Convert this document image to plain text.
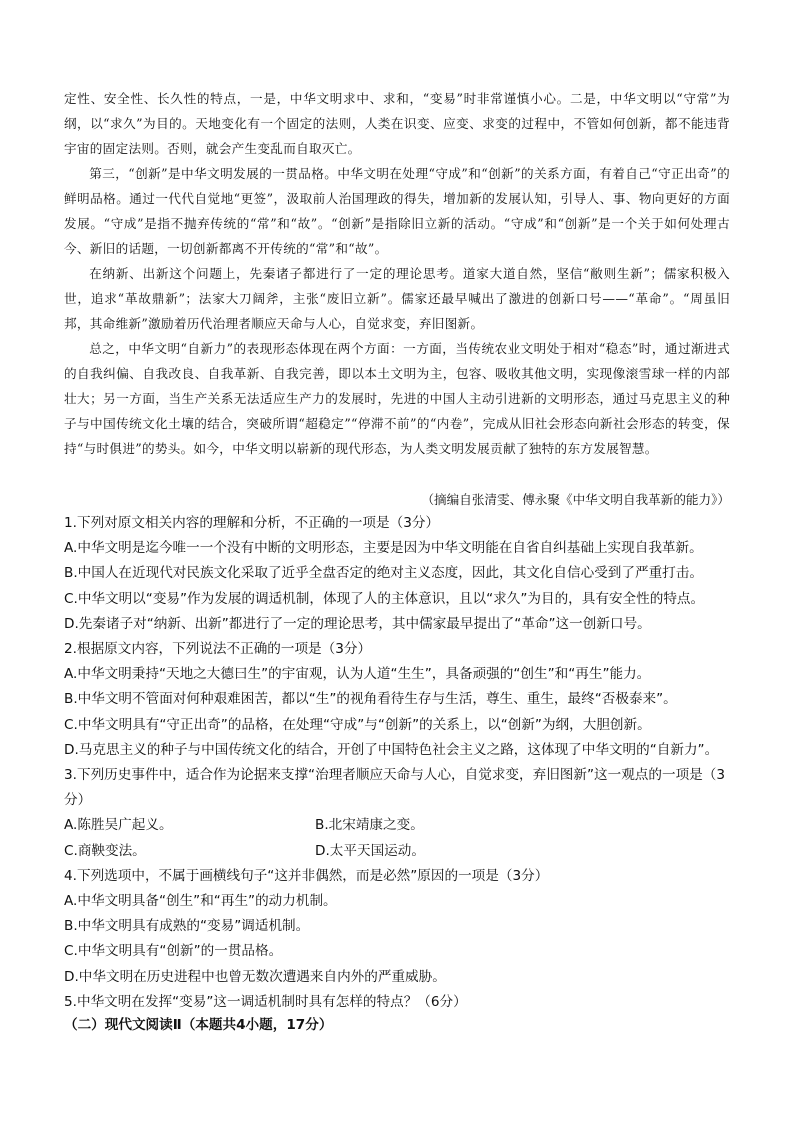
定性、安全性、长久性的特点，一是，中华文明求中、求和，“变易”时非常谨慎小心。二是，中华文明以“守常”为纲，以“求久”为目的。天地变化有一个固定的法则，人类在识变、应变、求变的过程中，不管如何创新，都不能违背宇宙的固定法则。否则，就会产生变乱而自取灭亡。

第三，“创新”是中华文明发展的一贯品格。中华文明在处理“守成”和“创新”的关系方面，有着自己“守正出奇”的鲜明品格。通过一代代自觉地“更签”，汲取前人治国理政的得失，增加新的发展认知，引导人、事、物向更好的方面发展。“守成”是指不抛弃传统的“常”和“故”。“创新”是指除旧立新的活动。“守成”和“创新”是一个关于如何处理古今、新旧的话题，一切创新都离不开传统的“常”和“故”。

在纳新、出新这个问题上，先秦诸子都进行了一定的理论思考。道家大道自然，坚信“敝则生新”；儒家积极入世，追求“革故鼎新”；法家大刀阔斧，主张“废旧立新”。儒家还最早喊出了激进的创新口号——“革命”。“周虽旧邦，其命维新”激励着历代治理者顺应天命与人心，自觉求变，弃旧图新。

总之，中华文明“自新力”的表现形态体现在两个方面：一方面，当传统农业文明处于相对“稳态”时，通过渐进式的自我纠偏、自我改良、自我革新、自我完善，即以本土文明为主，包容、吸收其他文明，实现像滚雪球一样的内部壮大；另一方面，当生产关系无法适应生产力的发展时，先进的中国人主动引进新的文明形态，通过马克思主义的种子与中国传统文化土壤的结合，突破所谓“超稳定”“停滞不前”的“内卷”，完成从旧社会形态向新社会形态的转变，保持“与时俱进”的势头。如今，中华文明以崭新的现代形态，为人类文明发展贡献了独特的东方发展智慧。

（摘编自张清雯、傅永聚《中华文明自我革新的能力》）
1.下列对原文相关内容的理解和分析，不正确的一项是（3分）
A.中华文明是迄今唯一一个没有中断的文明形态，主要是因为中华文明能在自省自纠基础上实现自我革新。
B.中国人在近现代对民族文化采取了近乎全盘否定的绝对主义态度，因此，其文化自信心受到了严重打击。
C.中华文明以“变易”作为发展的调适机制，体现了人的主体意识，且以“求久”为目的，具有安全性的特点。
D.先秦诸子对“纳新、出新”都进行了一定的理论思考，其中儒家最早提出了“革命”这一创新口号。
2.根据原文内容，下列说法不正确的一项是（3分）
A.中华文明秉持“天地之大德曰生”的宇宙观，认为人道“生生”，具备顽强的“创生”和“再生”能力。
B.中华文明不管面对何种艰难困苦，都以“生”的视角看待生存与生活，尊生、重生，最终“否极泰来”。
C.中华文明具有“守正出奇”的品格，在处理“守成”与“创新”的关系上，以“创新”为纲，大胆创新。
D.马克思主义的种子与中国传统文化的结合，开创了中国特色社会主义之路，这体现了中华文明的“自新力”。
3.下列历史事件中，适合作为论据来支撑“治理者顺应天命与人心，自觉求变，弃旧图新”这一观点的一项是（3分）
A.陈胜吴广起义。	B.北宋靖康之变。
C.商鞅变法。	D.太平天国运动。
4.下列选项中，不属于画横线句子“这并非偶然，而是必然”原因的一项是（3分）
A.中华文明具备“创生”和“再生”的动力机制。
B.中华文明具有成熟的“变易”调适机制。
C.中华文明具有“创新”的一贯品格。
D.中华文明在历史进程中也曾无数次遭遇来自内外的严重威胁。
5.中华文明在发挥“变易”这一调适机制时具有怎样的特点？（6分）
（二）现代文阅读Ⅱ（本题共4小题，17分）
